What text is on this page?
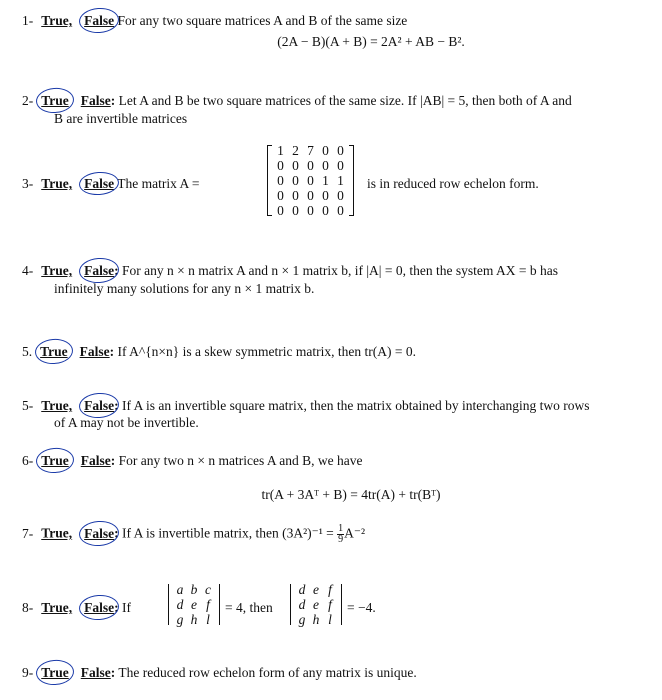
1- True, False For any two square matrices A and B of the same size
(2A − B)(A + B) = 2A² + AB − B².
2- True False: Let A and B be two square matrices of the same size. If |AB| = 5, then both of A and
B are invertible matrices
3- True, False The matrix A =
1 2 7 0 0
0 0 0 0 0
0 0 0 1 1
0 0 0 0 0
0 0 0 0 0
is in reduced row echelon form.
4- True, False: For any n × n matrix A and n × 1 matrix b, if |A| = 0, then the system AX = b has
infinitely many solutions for any n × 1 matrix b.
5. True False: If A^{n×n} is a skew symmetric matrix, then tr(A) = 0.
5- True, False: If A is an invertible square matrix, then the matrix obtained by interchanging two rows
of A may not be invertible.
6- True False: For any two n × n matrices A and B, we have
tr(A + 3Aᵀ + B) = 4tr(A) + tr(Bᵀ)
7- True, False: If A is invertible matrix, then $(3A^2)^{-1} = \frac{1}{9} A^{-2}$
8- True, False: If
a b c
d e f
g h l
= 4, then
d e f
d e f
g h l
= −4.
9- True False: The reduced row echelon form of any matrix is unique.
